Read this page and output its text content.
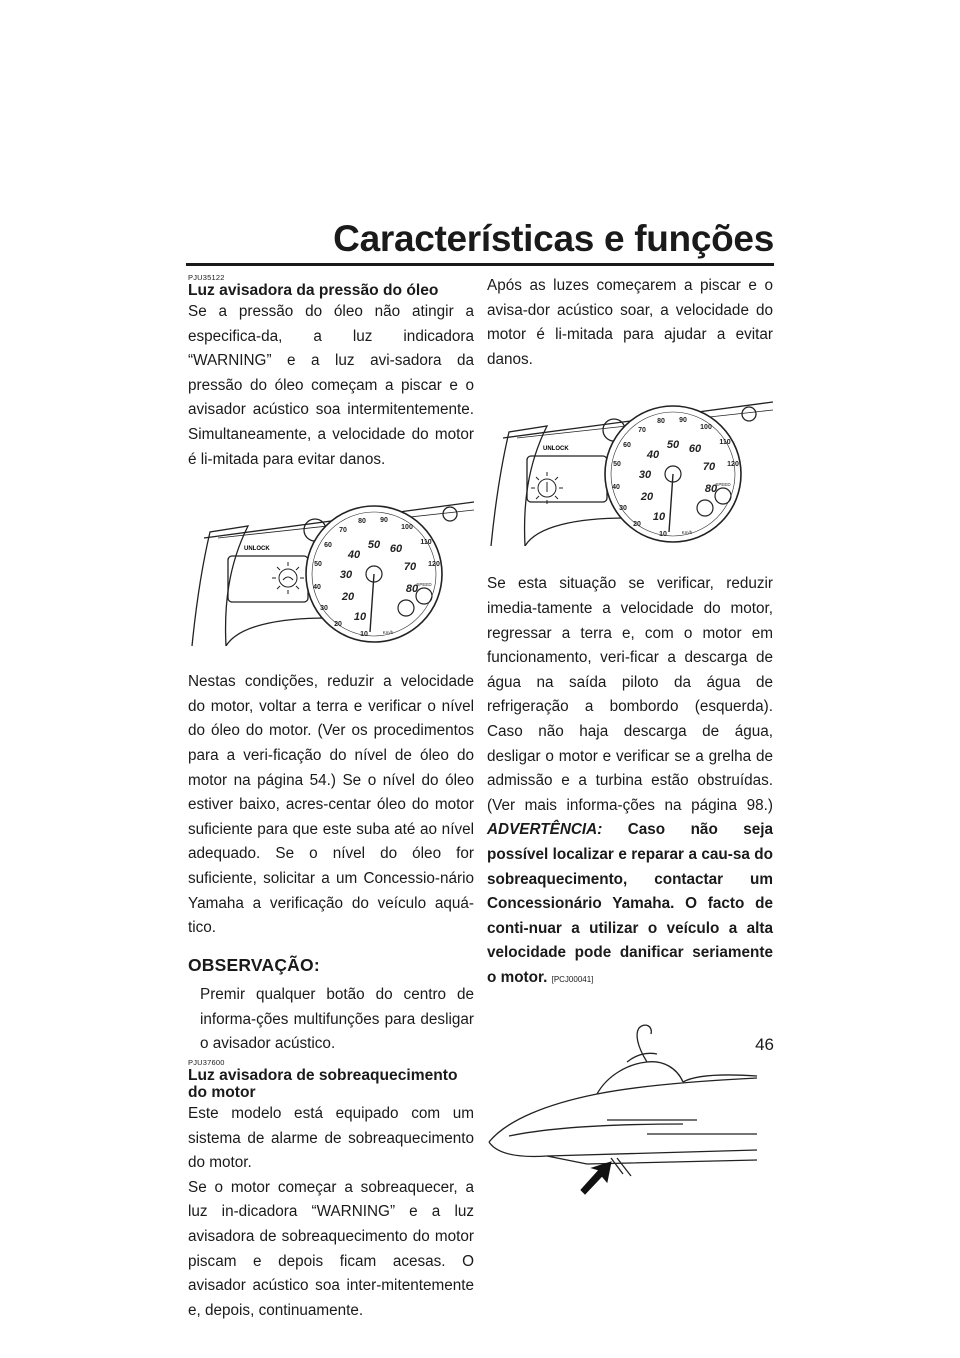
Características e funções
PJU35122
Luz avisadora da pressão do óleo

Se a pressão do óleo não atingir a especifica-da, a luz indicadora “WARNING” e a luz avi-sadora da pressão do óleo começam a piscar e o avisador acústico soa intermitentemente. Simultaneamente, a velocidade do motor é li-mitada para evitar danos.

UNLOCK
10
20
30
40
50
60
70
80 90
100
110
120
10
20
30
40
50 60
70
80
SPEED
Km/h

Nestas condições, reduzir a velocidade do motor, voltar a terra e verificar o nível do óleo do motor. (Ver os procedimentos para a veri-ficação do nível de óleo do motor na página 54.) Se o nível do óleo estiver baixo, acres-centar óleo do motor suficiente para que este suba até ao nível adequado. Se o nível do óleo for suficiente, solicitar a um Concessio-nário Yamaha a verificação do veículo aquá-tico.

OBSERVAÇÃO:

Premir qualquer botão do centro de informa-ções multifunções para desligar o avisador acústico.

PJU37600
Luz avisadora de sobreaquecimento do motor

Este modelo está equipado com um sistema de alarme de sobreaquecimento do motor.

Se o motor começar a sobreaquecer, a luz in-dicadora “WARNING” e a luz avisadora de sobreaquecimento do motor piscam e depois ficam acesas. O avisador acústico soa inter-mitentemente e, depois, continuamente.

Após as luzes começarem a piscar e o avisa-dor acústico soar, a velocidade do motor é li-mitada para ajudar a evitar danos.

UNLOCK
10
20
30
40
50
60
70
80 90
100
110
120
10
20
30
40
50 60
70
80
SPEED
Km/h

Se esta situação se verificar, reduzir imedia-tamente a velocidade do motor, regressar a terra e, com o motor em funcionamento, veri-ficar a descarga de água na saída piloto da água de refrigeração a bombordo (esquerda). Caso não haja descarga de água, desligar o motor e verificar se a grelha de admissão e a turbina estão obstruídas. (Ver mais informa-ções na página 98.) ADVERTÊNCIA: Caso não seja possível localizar e reparar a cau-sa do sobreaquecimento, contactar um Concessionário Yamaha. O facto de conti-nuar a utilizar o veículo a alta velocidade pode danificar seriamente o motor. [PCJ00041]

46
